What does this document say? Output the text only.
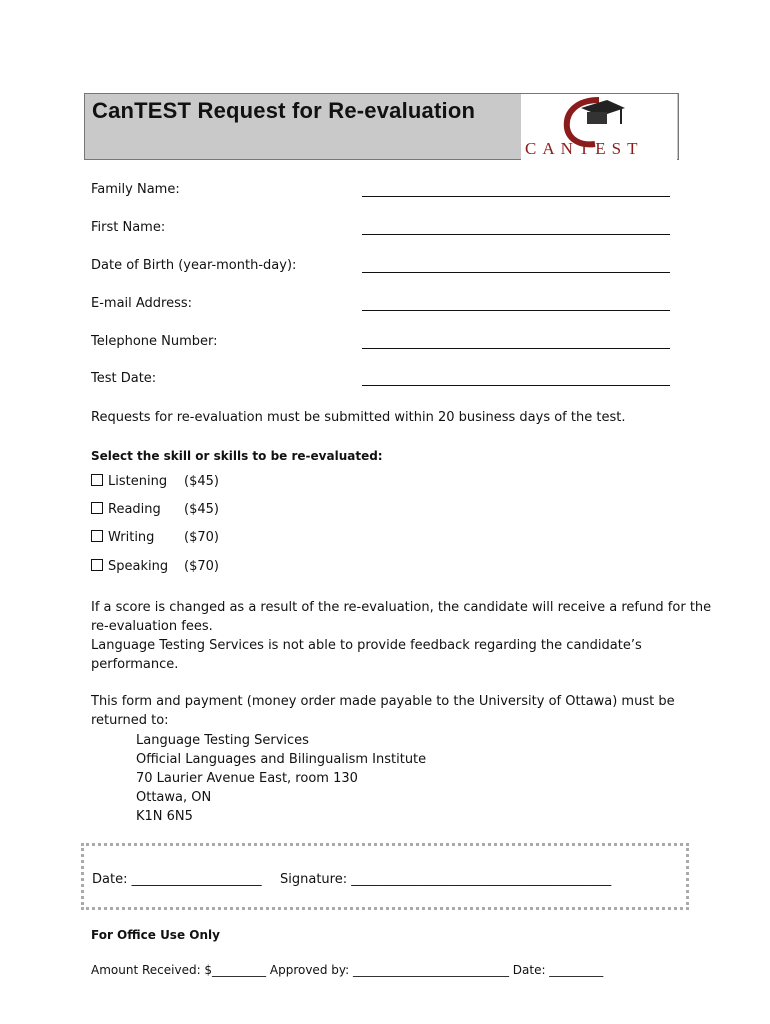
CanTEST Request for Re-evaluation
CANTEST
Family Name:
First Name:
Date of Birth (year-month-day):
E-mail Address:
Telephone Number:
Test Date:
Requests for re-evaluation must be submitted within 20 business days of the test.
Select the skill or skills to be re-evaluated:
Listening ($45)
Reading ($45)
Writing ($70)
Speaking ($70)
If a score is changed as a result of the re-evaluation, the candidate will receive a refund for the
re-evaluation fees.
Language Testing Services is not able to provide feedback regarding the candidate’s
performance.
This form and payment (money order made payable to the University of Ottawa) must be
returned to:
Language Testing Services
Official Languages and Bilingualism Institute
70 Laurier Avenue East, room 130
Ottawa, ON
K1N 6N5
Date: ____________________ Signature: ________________________________________
For Office Use Only
Amount Received: $_________ Approved by: __________________________ Date: _________
